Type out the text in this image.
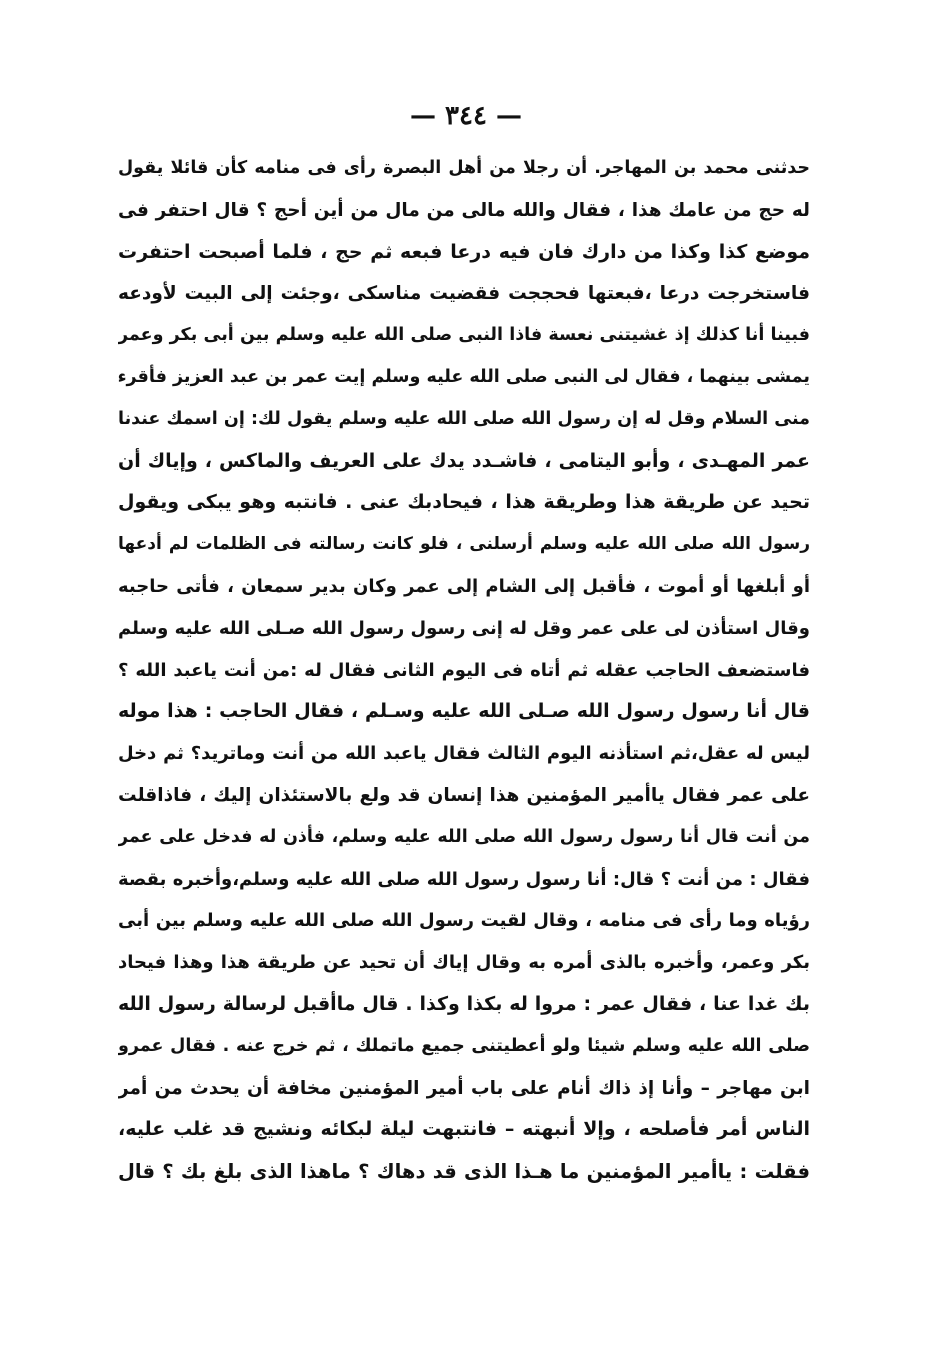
— ٣٤٤ —
حدثنى محمد بن المهاجر. أن رجلا من أهل البصرة رأى فى منامه كأن قائلا يقول
له حج من عامك هذا ، فقال والله مالى من مال من أين أحج ؟ قال احتفر فى
موضع كذا وكذا من دارك فان فيه درعا فبعه ثم حج ، فلما أصبحت احتفرت
فاستخرجت درعا ،فبعتها فحججت فقضيت مناسكى ،وجئت إلى البيت لأودعه
فبينا أنا كذلك إذ غشيتنى نعسة فاذا النبى صلى الله عليه وسلم بين أبى بكر وعمر
يمشى بينهما ، فقال لى النبى صلى الله عليه وسلم إيت عمر بن عبد العزيز فأقرء
منى السلام وقل له إن رسول الله صلى الله عليه وسلم يقول لك: إن اسمك عندنا
عمر المهـدى ، وأبو اليتامى ، فاشـدد يدك على العريف والماكس ، وإياك أن
تحيد عن طريقة هذا وطريقة هذا ، فيحادبك عنى . فانتبه وهو يبكى ويقول
رسول الله صلى الله عليه وسلم أرسلنى ، فلو كانت رسالته فى الظلمات لم أدعها
أو أبلغها أو أموت ، فأقبل إلى الشام إلى عمر وكان بدير سمعان ، فأتى حاجبه
وقال استأذن لى على عمر وقل له إنى رسول رسول الله صـلى الله عليه وسلم
فاستضعف الحاجب عقله ثم أتاه فى اليوم الثانى فقال له :من أنت ياعبد الله ؟
قال أنا رسول رسول الله صـلى الله عليه وسـلم ، فقال الحاجب : هذا موله
ليس له عقل،ثم استأذنه اليوم الثالث فقال ياعبد الله من أنت وماتريد؟ ثم دخل
على عمر فقال ياأمير المؤمنين هذا إنسان قد ولع بالاستئذان إليك ، فاذاقلت
من أنت قال أنا رسول رسول الله صلى الله عليه وسلم، فأذن له فدخل على عمر
فقال : من أنت ؟ قال: أنا رسول رسول الله صلى الله عليه وسلم،وأخبره بقصة
رؤياه وما رأى فى منامه ، وقال لقيت رسول الله صلى الله عليه وسلم بين أبى
بكر وعمر، وأخبره بالذى أمره به وقال إياك أن تحيد عن طريقة هذا وهذا فيحاد
بك غدا عنا ، فقال عمر : مروا له بكذا وكذا . قال ماأقبل لرسالة رسول الله
صلى الله عليه وسلم شيئا ولو أعطيتنى جميع ماتملك ، ثم خرج عنه . فقال عمرو
ابن مهاجر – وأنا إذ ذاك أنام على باب أمير المؤمنين مخافة أن يحدث من أمر
الناس أمر فأصلحه ، وإلا أنبهته – فانتبهت ليلة لبكائه ونشيج قد غلب عليه،
فقلت : ياأمير المؤمنين ما هـذا الذى قد دهاك ؟ ماهذا الذى بلغ بك ؟ قال
